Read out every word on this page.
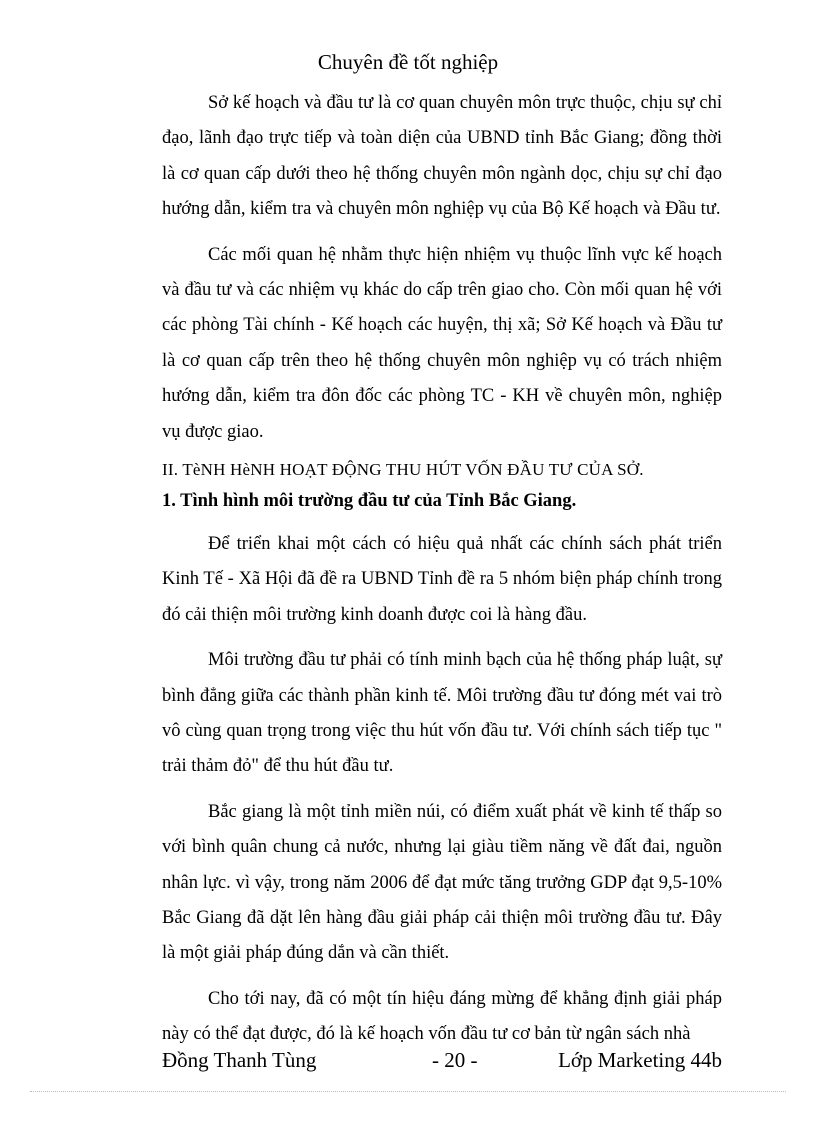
Chuyên đề tốt nghiệp

Sở kế hoạch và đầu tư là cơ quan chuyên môn trực thuộc, chịu sự chỉ đạo, lãnh đạo trực tiếp và toàn diện của UBND tỉnh Bắc Giang; đồng thời là cơ quan cấp dưới theo hệ thống chuyên môn ngành dọc, chịu sự chỉ đạo hướng dẫn, kiểm tra và chuyên môn nghiệp vụ của Bộ Kế hoạch và Đầu tư.

Các mối quan hệ nhằm thực hiện nhiệm vụ thuộc lĩnh vực kế hoạch và đầu tư và các nhiệm vụ khác do cấp trên giao cho. Còn mối quan hệ với các phòng Tài chính - Kế hoạch các huyện, thị xã; Sở Kế hoạch và Đầu tư là cơ quan cấp trên theo hệ thống chuyên môn nghiệp vụ có trách nhiệm hướng dẫn, kiểm tra đôn đốc các phòng TC - KH về chuyên môn, nghiệp vụ được giao.

II. TèNH HèNH HOẠT ĐỘNG THU HÚT VỐN ĐẦU TƯ CỦA SỞ.

1. Tình hình môi trường đầu tư của Tỉnh Bắc Giang.

Để triển khai một cách có hiệu quả nhất các chính sách phát triển Kinh Tế - Xã Hội đã đề ra UBND Tỉnh đề ra 5 nhóm biện pháp chính trong đó cải thiện môi trường kinh doanh được coi là hàng đầu.

Môi trường đầu tư phải có tính minh bạch của hệ thống pháp luật, sự bình đẳng giữa các thành phần kinh tế. Môi trường đầu tư đóng mét vai trò vô cùng quan trọng trong việc thu hút vốn đầu tư. Với chính sách tiếp tục " trải thảm đỏ" để thu hút đầu tư.

Bắc giang là một tỉnh miền núi, có điểm xuất phát về kinh tế thấp so với bình quân chung cả nước, nhưng lại giàu tiềm năng về đất đai, nguồn nhân lực. vì vậy, trong năm 2006 để đạt mức tăng trưởng GDP đạt 9,5-10% Bắc Giang đã dặt lên hàng đầu giải pháp cải thiện môi trường đầu tư. Đây là một giải pháp đúng dắn và cần thiết.

Cho tới nay, đã có một tín hiệu đáng mừng để khẳng định giải pháp này có thể đạt được, đó là kế hoạch vốn đầu tư cơ bản từ ngân sách nhà

Đồng Thanh Tùng	- 20 -	Lớp Marketing 44b
